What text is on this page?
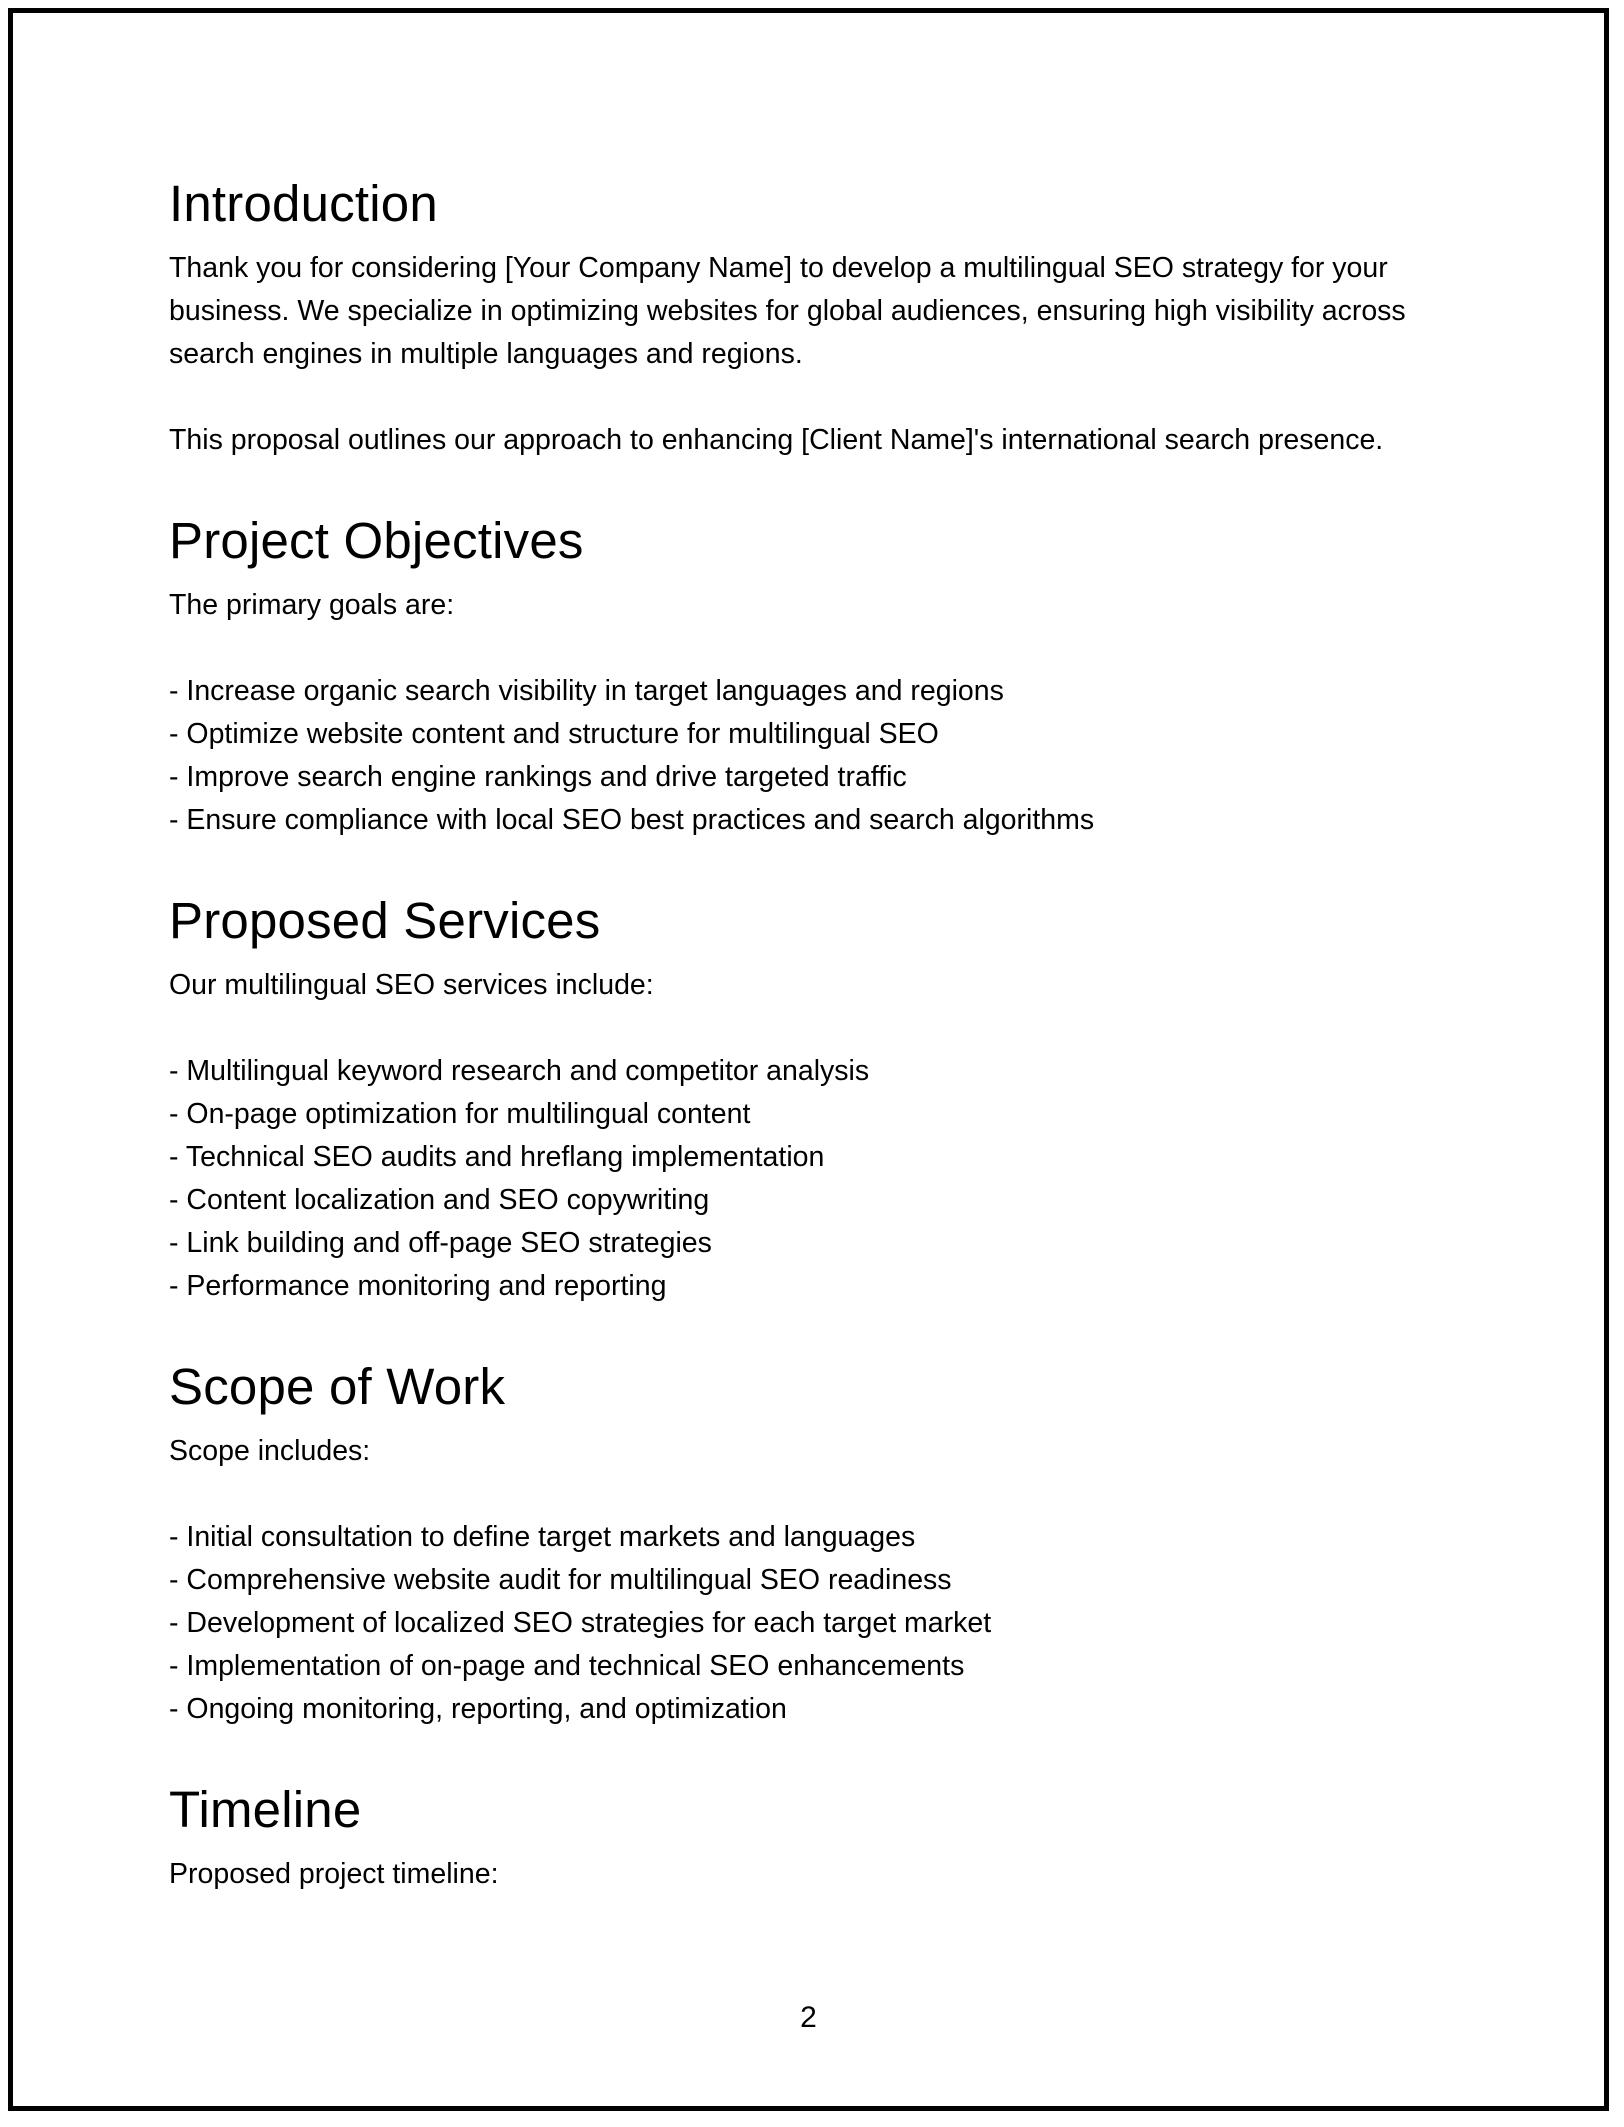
Introduction

Thank you for considering [Your Company Name] to develop a multilingual SEO strategy for your business. We specialize in optimizing websites for global audiences, ensuring high visibility across search engines in multiple languages and regions.

This proposal outlines our approach to enhancing [Client Name]'s international search presence.

Project Objectives

The primary goals are:

- Increase organic search visibility in target languages and regions
- Optimize website content and structure for multilingual SEO
- Improve search engine rankings and drive targeted traffic
- Ensure compliance with local SEO best practices and search algorithms
Proposed Services

Our multilingual SEO services include:

- Multilingual keyword research and competitor analysis
- On-page optimization for multilingual content
- Technical SEO audits and hreflang implementation
- Content localization and SEO copywriting
- Link building and off-page SEO strategies
- Performance monitoring and reporting
Scope of Work

Scope includes:

- Initial consultation to define target markets and languages
- Comprehensive website audit for multilingual SEO readiness
- Development of localized SEO strategies for each target market
- Implementation of on-page and technical SEO enhancements
- Ongoing monitoring, reporting, and optimization
Timeline

Proposed project timeline:

2
